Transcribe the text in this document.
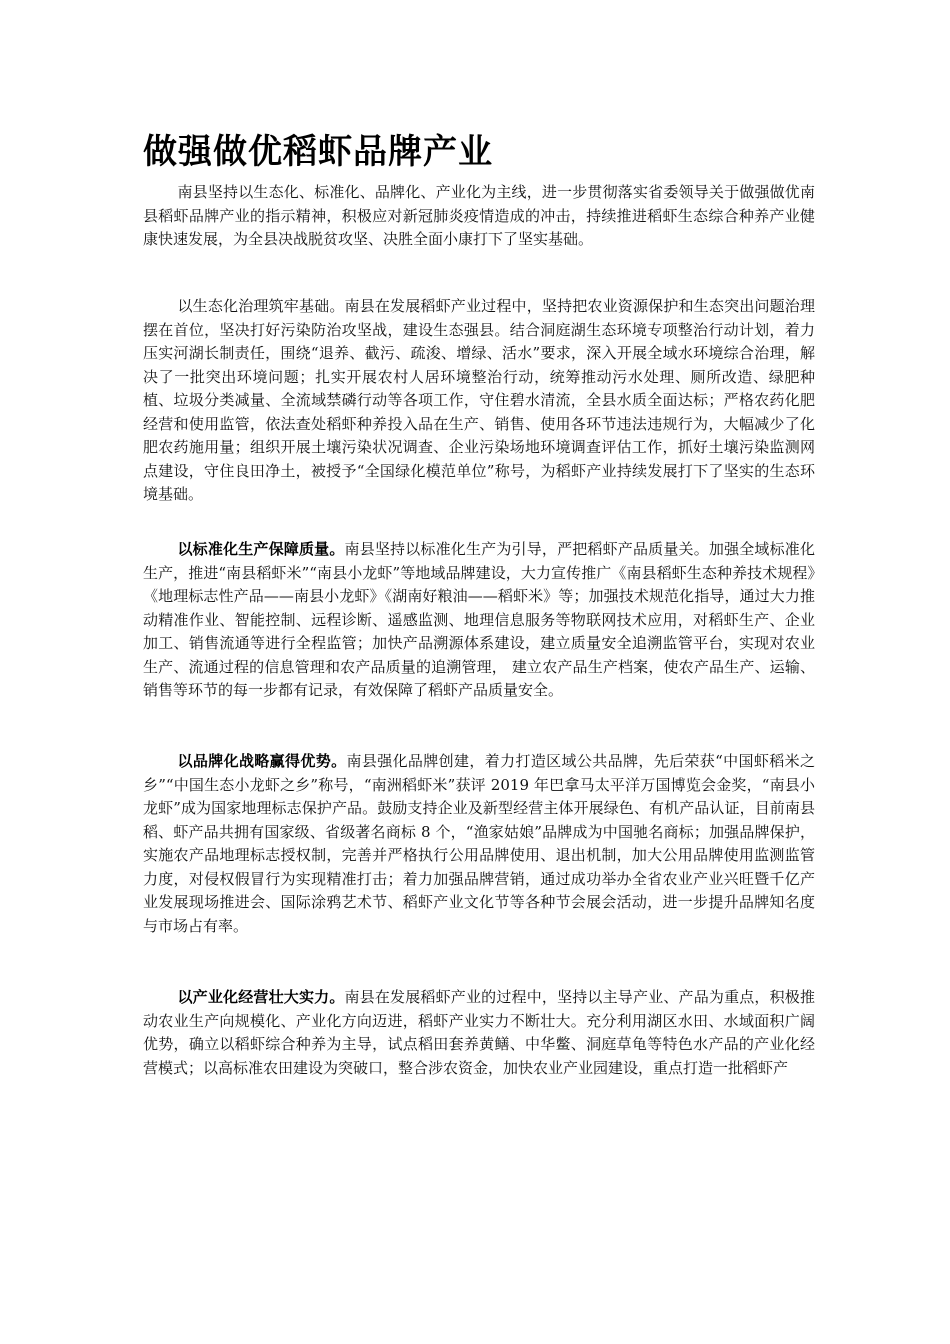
做强做优稻虾品牌产业

南县坚持以生态化、标准化、品牌化、产业化为主线，进一步贯彻落实省委领导关于做强做优南县稻虾品牌产业的指示精神，积极应对新冠肺炎疫情造成的冲击，持续推进稻虾生态综合种养产业健康快速发展，为全县决战脱贫攻坚、决胜全面小康打下了坚实基础。

以生态化治理筑牢基础。南县在发展稻虾产业过程中，坚持把农业资源保护和生态突出问题治理摆在首位，坚决打好污染防治攻坚战，建设生态强县。结合洞庭湖生态环境专项整治行动计划，着力压实河湖长制责任，围绕“退养、截污、疏浚、增绿、活水”要求，深入开展全域水环境综合治理，解决了一批突出环境问题；扎实开展农村人居环境整治行动，统筹推动污水处理、厕所改造、绿肥种植、垃圾分类减量、全流域禁磷行动等各项工作，守住碧水清流，全县水质全面达标；严格农药化肥经营和使用监管，依法查处稻虾种养投入品在生产、销售、使用各环节违法违规行为，大幅减少了化肥农药施用量；组织开展土壤污染状况调查、企业污染场地环境调查评估工作，抓好土壤污染监测网点建设，守住良田净土，被授予“全国绿化模范单位”称号，为稻虾产业持续发展打下了坚实的生态环境基础。

以标准化生产保障质量。南县坚持以标准化生产为引导，严把稻虾产品质量关。加强全域标准化生产，推进“南县稻虾米”“南县小龙虾”等地域品牌建设，大力宣传推广《南县稻虾生态种养技术规程》《地理标志性产品——南县小龙虾》《湖南好粮油——稻虾米》等；加强技术规范化指导，通过大力推动精准作业、智能控制、远程诊断、遥感监测、地理信息服务等物联网技术应用，对稻虾生产、企业加工、销售流通等进行全程监管；加快产品溯源体系建设，建立质量安全追溯监管平台，实现对农业生产、流通过程的信息管理和农产品质量的追溯管理， 建立农产品生产档案，使农产品生产、运输、销售等环节的每一步都有记录，有效保障了稻虾产品质量安全。

以品牌化战略赢得优势。南县强化品牌创建，着力打造区域公共品牌，先后荣获“中国虾稻米之乡”“中国生态小龙虾之乡”称号，“南洲稻虾米”获评 2019 年巴拿马太平洋万国博览会金奖，“南县小龙虾”成为国家地理标志保护产品。鼓励支持企业及新型经营主体开展绿色、有机产品认证，目前南县稻、虾产品共拥有国家级、省级著名商标 8 个，“渔家姑娘”品牌成为中国驰名商标；加强品牌保护，实施农产品地理标志授权制，完善并严格执行公用品牌使用、退出机制，加大公用品牌使用监测监管力度，对侵权假冒行为实现精准打击；着力加强品牌营销，通过成功举办全省农业产业兴旺暨千亿产业发展现场推进会、国际涂鸦艺术节、稻虾产业文化节等各种节会展会活动，进一步提升品牌知名度与市场占有率。

以产业化经营壮大实力。南县在发展稻虾产业的过程中，坚持以主导产业、产品为重点，积极推动农业生产向规模化、产业化方向迈进，稻虾产业实力不断壮大。充分利用湖区水田、水域面积广阔优势，确立以稻虾综合种养为主导，试点稻田套养黄鳝、中华鳖、洞庭草龟等特色水产品的产业化经营模式；以高标准农田建设为突破口，整合涉农资金，加快农业产业园建设，重点打造一批稻虾产
